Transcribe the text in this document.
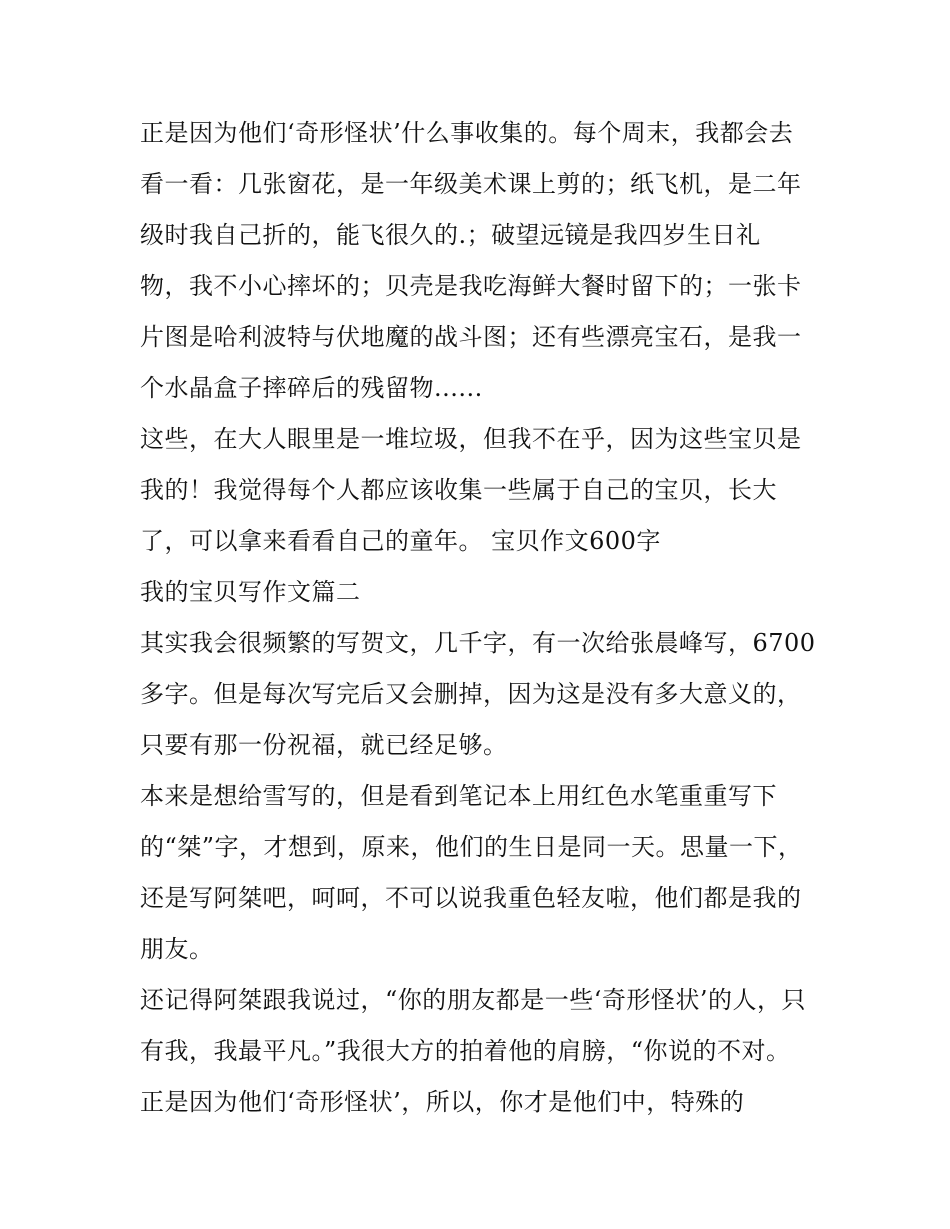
正是因为他们‘奇形怪状’什么事收集的。每个周末，我都会去
看一看：几张窗花，是一年级美术课上剪的；纸飞机，是二年
级时我自己折的，能飞很久的.；破望远镜是我四岁生日礼
物，我不小心摔坏的；贝壳是我吃海鲜大餐时留下的；一张卡
片图是哈利波特与伏地魔的战斗图；还有些漂亮宝石，是我一
个水晶盒子摔碎后的残留物......
这些，在大人眼里是一堆垃圾，但我不在乎，因为这些宝贝是
我的！我觉得每个人都应该收集一些属于自己的宝贝，长大
了，可以拿来看看自己的童年。 宝贝作文600字
我的宝贝写作文篇二
其实我会很频繁的写贺文，几千字，有一次给张晨峰写，6700
多字。但是每次写完后又会删掉，因为这是没有多大意义的，
只要有那一份祝福，就已经足够。
本来是想给雪写的，但是看到笔记本上用红色水笔重重写下
的“桀”字，才想到，原来，他们的生日是同一天。思量一下，
还是写阿桀吧，呵呵，不可以说我重色轻友啦，他们都是我的
朋友。
还记得阿桀跟我说过，“你的朋友都是一些‘奇形怪状’的人，只
有我，我最平凡。”我很大方的拍着他的肩膀，“你说的不对。
正是因为他们‘奇形怪状’，所以，你才是他们中，特殊的
